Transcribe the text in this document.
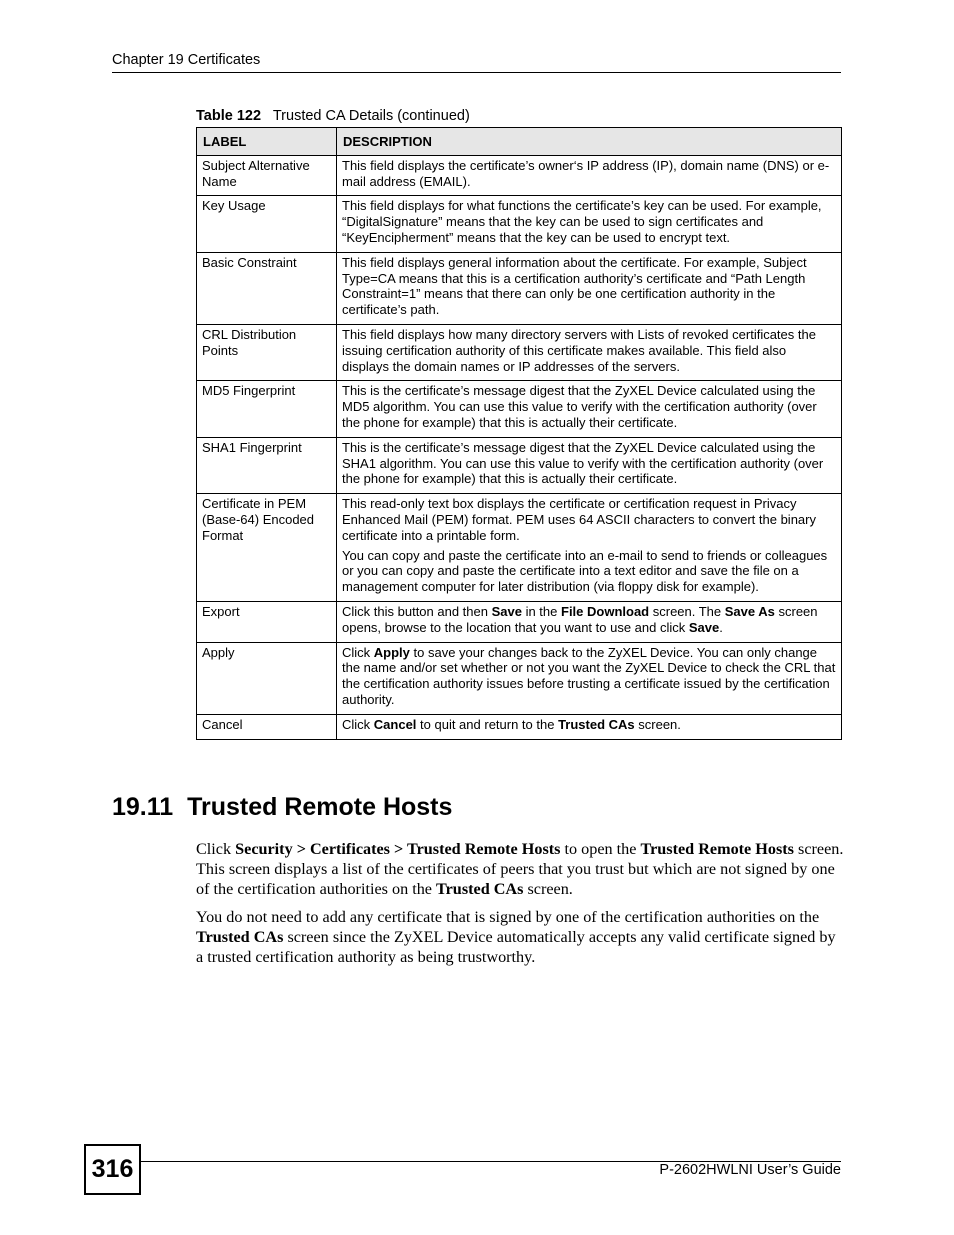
Chapter 19 Certificates
Table 122 Trusted CA Details (continued)
LABEL	DESCRIPTION
Subject Alternative Name	This field displays the certificate’s owner‘s IP address (IP), domain name (DNS) or e-mail address (EMAIL).

Key Usage	This field displays for what functions the certificate’s key can be used. For example, “DigitalSignature” means that the key can be used to sign certificates and “KeyEncipherment” means that the key can be used to encrypt text.

Basic Constraint	This field displays general information about the certificate. For example, Subject Type=CA means that this is a certification authority’s certificate and “Path Length Constraint=1” means that there can only be one certification authority in the certificate’s path.

CRL Distribution Points	This field displays how many directory servers with Lists of revoked certificates the issuing certification authority of this certificate makes available. This field also displays the domain names or IP addresses of the servers.

MD5 Fingerprint	This is the certificate’s message digest that the ZyXEL Device calculated using the MD5 algorithm. You can use this value to verify with the certification authority (over the phone for example) that this is actually their certificate.

SHA1 Fingerprint	This is the certificate’s message digest that the ZyXEL Device calculated using the SHA1 algorithm. You can use this value to verify with the certification authority (over the phone for example) that this is actually their certificate.

Certificate in PEM (Base-64) Encoded Format	This read-only text box displays the certificate or certification request in Privacy Enhanced Mail (PEM) format. PEM uses 64 ASCII characters to convert the binary certificate into a printable form.

You can copy and paste the certificate into an e-mail to send to friends or colleagues or you can copy and paste the certificate into a text editor and save the file on a management computer for later distribution (via floppy disk for example).

Export	Click this button and then Save in the File Download screen. The Save As screen opens, browse to the location that you want to use and click Save.

Apply	Click Apply to save your changes back to the ZyXEL Device. You can only change the name and/or set whether or not you want the ZyXEL Device to check the CRL that the certification authority issues before trusting a certificate issued by the certification authority.

Cancel	Click Cancel to quit and return to the Trusted CAs screen.

19.11  Trusted Remote Hosts

Click Security > Certificates > Trusted Remote Hosts to open the Trusted Remote Hosts screen. This screen displays a list of the certificates of peers that you trust but which are not signed by one of the certification authorities on the Trusted CAs screen.

You do not need to add any certificate that is signed by one of the certification authorities on the Trusted CAs screen since the ZyXEL Device automatically accepts any valid certificate signed by a trusted certification authority as being trustworthy.

316	P-2602HWLNI User’s Guide
